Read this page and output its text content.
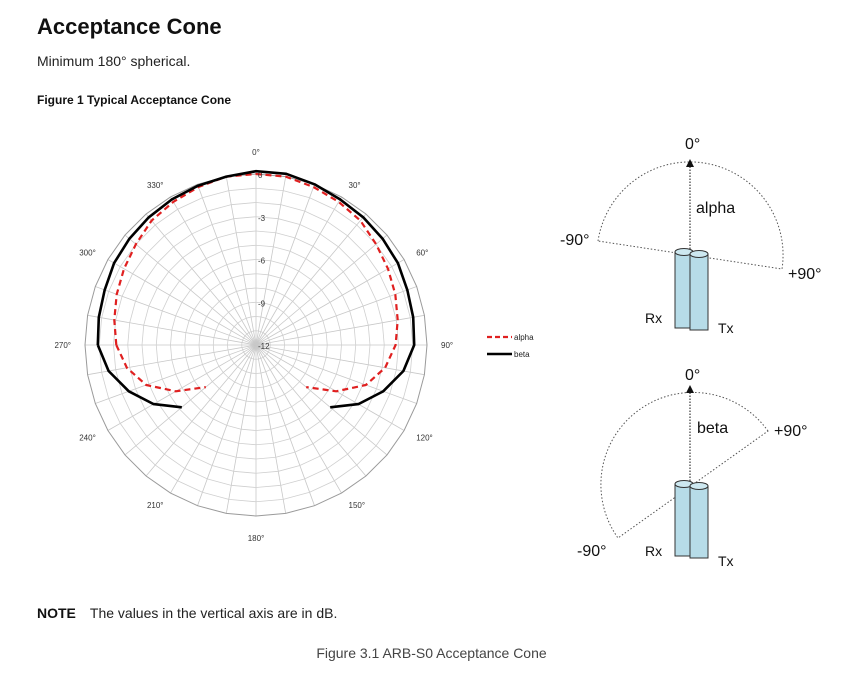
Acceptance Cone
Minimum 180° spherical.
Figure 1 Typical Acceptance Cone
0
-3
-6
-9
-12
0°
30°
60°
90°
120°
150°
180°
210°
240°
270°
300°
330°
alpha
beta
0°
-90°
+90°
alpha
Rx
Tx
0°
-90°
+90°
beta
Rx
Tx
NOTE The values in the vertical axis are in dB.
Figure 3.1 ARB-S0 Acceptance Cone
